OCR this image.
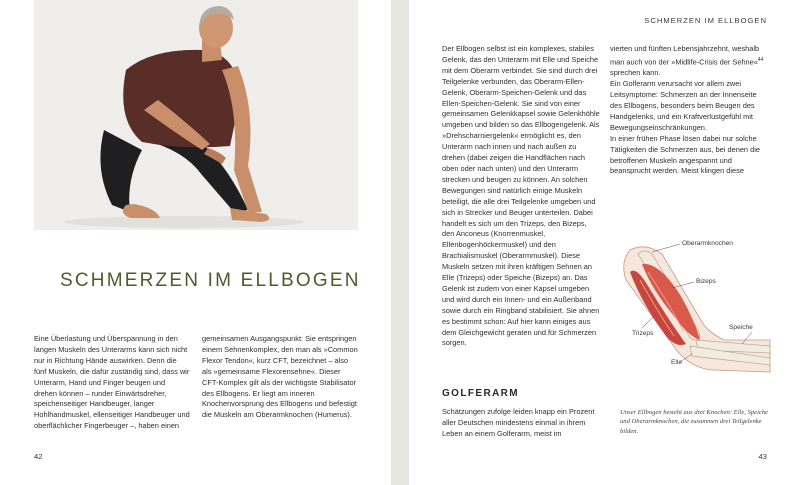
SCHMERZEN IM ELLBOGEN

Eine Überlastung und Überspannung in den langen Muskeln des Unterarms kann sich nicht nur in Richtung Hände auswirken. Denn die fünf Muskeln, die dafür zuständig sind, dass wir Unterarm, Hand und Finger beugen und drehen können – runder Einwärtsdreher, speichenseitiger Handbeuger, langer Hohlhandmuskel, ellenseitiger Handbeuger und oberflächlicher Fingerbeuger –, haben einen

gemeinsamen Ausgangspunkt: Sie entspringen einem Sehnenkomplex, den man als »Common Flexor Tendon«, kurz CFT, bezeichnet – also als »gemeinsame Flexorensehne«. Dieser CFT-Komplex gilt als der wichtigste Stabilisator des Ellbogens. Er liegt am inneren Knochenvorsprung des Ellbogens und befestigt die Muskeln am Oberarmknochen (Humerus).

42
SCHMERZEN IM ELLBOGEN

Der Ellbogen selbst ist ein komplexes, stabiles Gelenk, das den Unterarm mit Elle und Speiche mit dem Oberarm verbindet. Sie sind durch drei Teilgelenke verbunden, das Oberarm-Ellen-Gelenk, Oberarm-Speichen-Gelenk und das Ellen-Speichen-Gelenk. Sie sind von einer gemeinsamen Gelenkkapsel sowie Gelenkhöhle umgeben und bilden so das Ellbogengelenk. Als »Drehscharniergelenk« ermöglicht es, den Unterarm nach innen und nach außen zu drehen (dabei zeigen die Handflächen nach oben oder nach unten) und den Unterarm strecken und beugen zu können. An solchen Bewegungen sind natürlich einige Muskeln beteiligt, die alle drei Teilgelenke umgeben und sich in Strecker und Beuger unterteilen. Dabei handelt es sich um den Trizeps, den Bizeps, den Anconeus (Knorrenmuskel, Ellenbogenhöckermuskel) und den Brachialismuskel (Oberarmmuskel). Diese Muskeln setzen mit ihren kräftigen Sehnen an Elle (Trizeps) oder Speiche (Bizeps) an. Das Gelenk ist zudem von einer Kapsel umgeben und wird durch ein Innen- und ein Außenband sowie durch ein Ringband stabilisiert. Sie ahnen es bestimmt schon: Auf hier kann einiges aus dem Gleichgewicht geraten und für Schmerzen sorgen.

GOLFERARM

Schätzungen zufolge leiden knapp ein Prozent aller Deutschen mindestens einmal in ihrem Leben an einem Golferarm, meist im

vierten und fünften Lebensjahrzehnt, weshalb man auch von der »Midlife-Crisis der Sehne«$^{44}$ sprechen kann.

Ein Golferarm verursacht vor allem zwei Leitsymptome: Schmerzen an der Innenseite des Ellbogens, besonders beim Beugen des Handgelenks, und ein Kraftverlustgefühl mit Bewegungseinschränkungen.

In einer frühen Phase lösen dabei nur solche Tätigkeiten die Schmerzen aus, bei denen die betroffenen Muskeln angespannt und beansprucht werden. Meist klingen diese

Oberarmknochen
Bizeps
Trizeps
Speiche
Elle
Unser Ellbogen besteht aus drei Knochen: Elle, Speiche und Oberarmknochen, die zusammen drei Teilgelenke bilden.
43
